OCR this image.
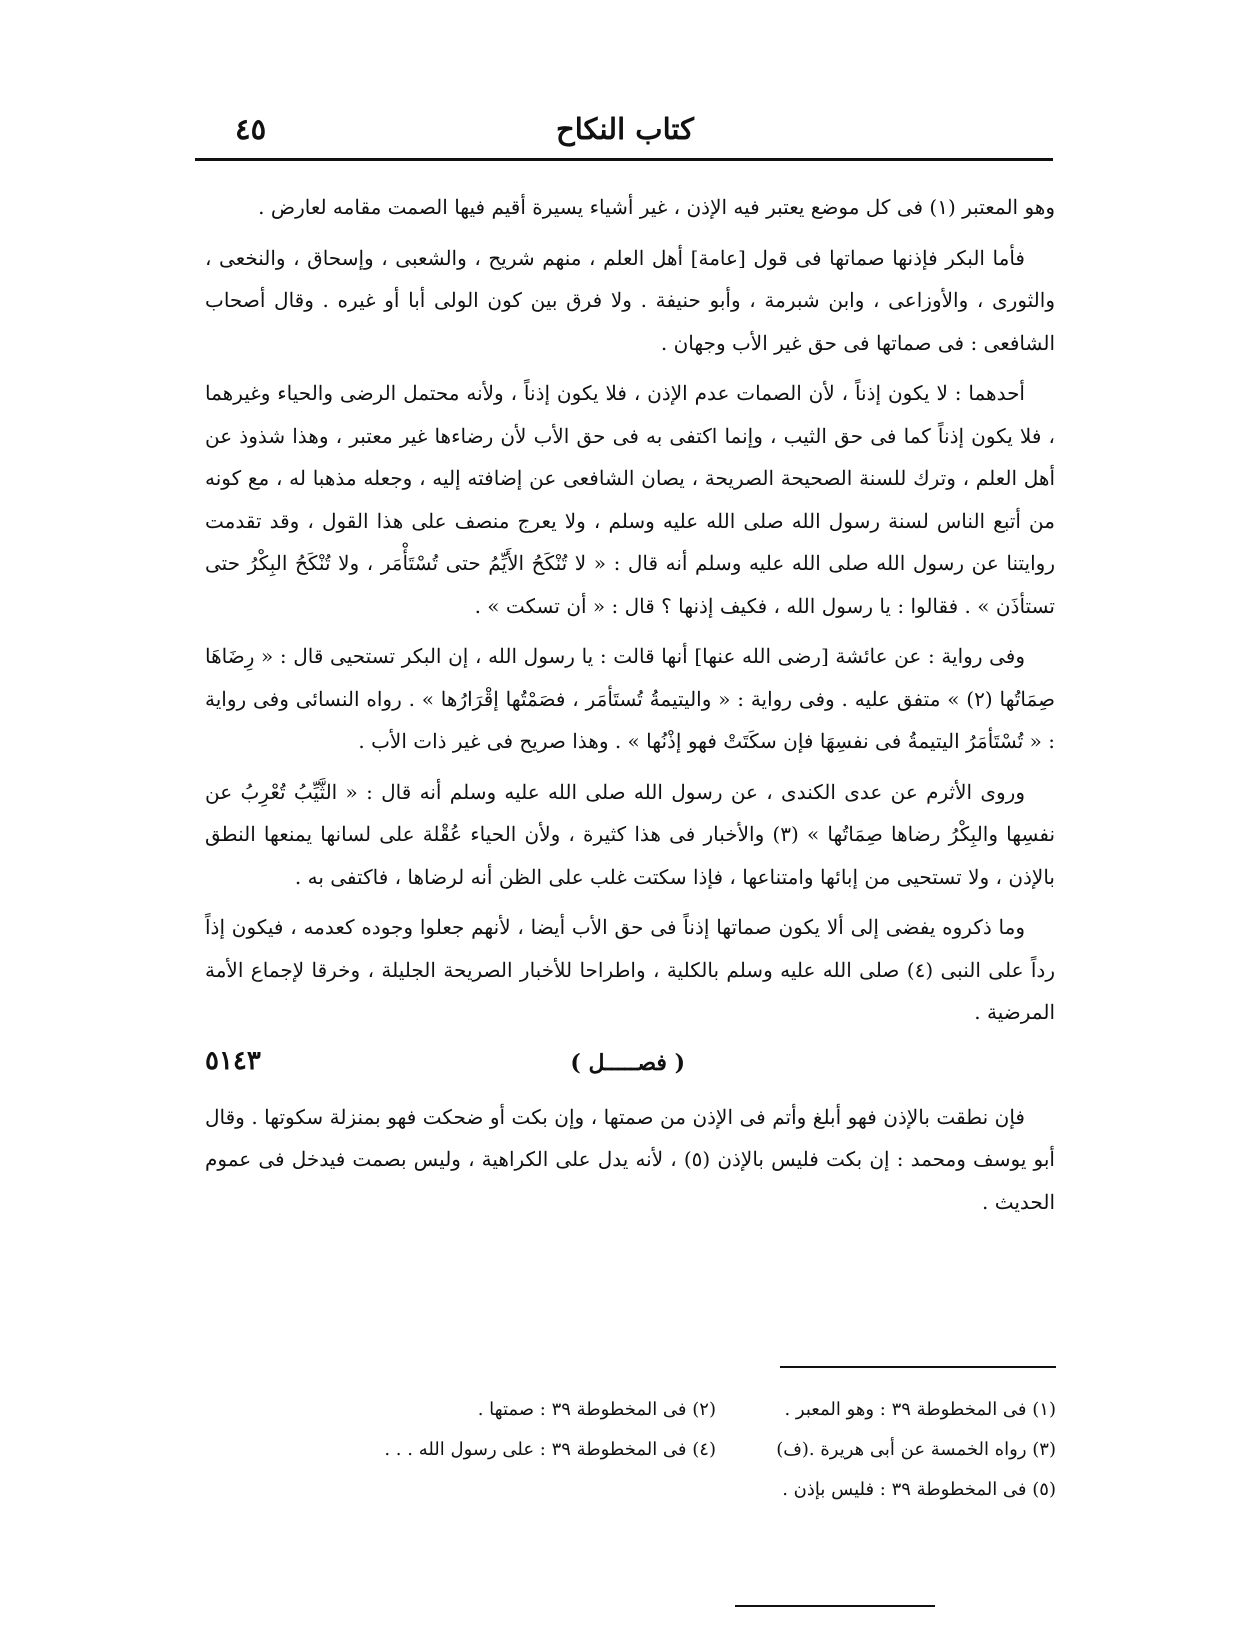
٤٥	كتاب النكاح

وهو المعتبر (١) فى كل موضع يعتبر فيه الإذن ، غير أشياء يسيرة أقيم فيها الصمت مقامه لعارض .

فأما البكر فإذنها صماتها فى قول [عامة] أهل العلم ، منهم شريح ، والشعبى ، وإسحاق ، والنخعى ، والثورى ، والأوزاعى ، وابن شبرمة ، وأبو حنيفة . ولا فرق بين كون الولى أبا أو غيره . وقال أصحاب الشافعى : فى صماتها فى حق غير الأب وجهان .

أحدهما : لا يكون إذناً ، لأن الصمات عدم الإذن ، فلا يكون إذناً ، ولأنه محتمل الرضى والحياء وغيرهما ، فلا يكون إذناً كما فى حق الثيب ، وإنما اكتفى به فى حق الأب لأن رضاءها غير معتبر ، وهذا شذوذ عن أهل العلم ، وترك للسنة الصحيحة الصريحة ، يصان الشافعى عن إضافته إليه ، وجعله مذهبا له ، مع كونه من أتبع الناس لسنة رسول الله صلى الله عليه وسلم ، ولا يعرج منصف على هذا القول ، وقد تقدمت روايتنا عن رسول الله صلى الله عليه وسلم أنه قال : « لا تُنْكَحُ الأَيِّمُ حتى تُسْتَأْمَر ، ولا تُنْكَحُ البِكْرُ حتى تستأذَن » . فقالوا : يا رسول الله ، فكيف إذنها ؟ قال : « أن تسكت » .

وفى رواية : عن عائشة [رضى الله عنها] أنها قالت : يا رسول الله ، إن البكر تستحيى قال : « رِضَاهَا صِمَاتُها (٢) » متفق عليه . وفى رواية : « واليتيمةُ تُستَأمَر ، فصَمْتُها إقْرَارُها » . رواه النسائى وفى رواية : « تُسْتَأمَرُ اليتيمةُ فى نفسِهَا فإن سكَتَتْ فهو إذْنُها » . وهذا صريح فى غير ذات الأب .

وروى الأثرم عن عدى الكندى ، عن رسول الله صلى الله عليه وسلم أنه قال : « الثَّيِّبُ تُعْرِبُ عن نفسِها والبِكْرُ رضاها صِمَاتُها » (٣) والأخبار فى هذا كثيرة ، ولأن الحياء عُقْلة على لسانها يمنعها النطق بالإذن ، ولا تستحيى من إبائها وامتناعها ، فإذا سكتت غلب على الظن أنه لرضاها ، فاكتفى به .

وما ذكروه يفضى إلى ألا يكون صماتها إذناً فى حق الأب أيضا ، لأنهم جعلوا وجوده كعدمه ، فيكون إذاً رداً على النبى (٤) صلى الله عليه وسلم بالكلية ، واطراحا للأخبار الصريحة الجليلة ، وخرقا لإجماع الأمة المرضية .

( فصـــــل )
٥١٤٣

فإن نطقت بالإذن فهو أبلغ وأتم فى الإذن من صمتها ، وإن بكت أو ضحكت فهو بمنزلة سكوتها . وقال أبو يوسف ومحمد : إن بكت فليس بالإذن (٥) ، لأنه يدل على الكراهية ، وليس بصمت فيدخل فى عموم الحديث .

(١) فى المخطوطة ٣٩ : وهو المعبر .
(٢) فى المخطوطة ٣٩ : صمتها .
(٣) رواه الخمسة عن أبى هريرة .(ف)
(٤) فى المخطوطة ٣٩ : على رسول الله . . .
(٥) فى المخطوطة ٣٩ : فليس بإذن .
